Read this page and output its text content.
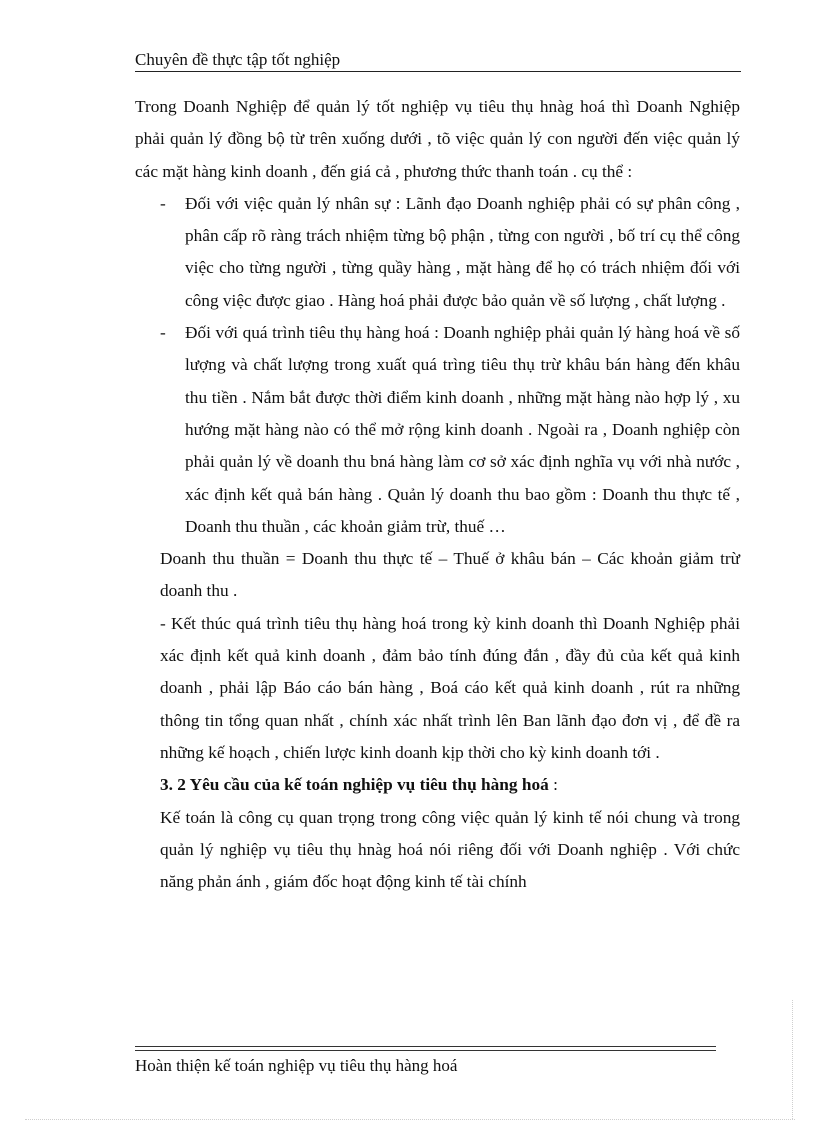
Chuyên đề thực tập tốt nghiệp

Trong Doanh Nghiệp để quản lý tốt nghiệp vụ tiêu thụ hnàg hoá thì Doanh Nghiệp phải quản lý đồng bộ từ trên xuống dưới , tõ việc quản lý con người đến việc quản lý các mặt hàng kinh doanh , đến giá cả , phương thức thanh toán . cụ thể :

- Đối với việc quản lý nhân sự : Lãnh đạo Doanh nghiệp phải có sự phân công , phân cấp rõ ràng trách nhiệm từng bộ phận , từng con người , bố trí cụ thể công việc cho từng người , từng quầy hàng , mặt hàng để họ có trách nhiệm đối với công việc được giao . Hàng hoá phải được bảo quản về số lượng , chất lượng .
- Đối với quá trình tiêu thụ hàng hoá : Doanh nghiệp phải quản lý hàng hoá về số lượng và chất lượng trong xuất quá trìng tiêu thụ trừ khâu bán hàng đến khâu thu tiền . Nắm bắt được thời điểm kinh doanh , những mặt hàng nào hợp lý , xu hướng mặt hàng nào có thể mở rộng kinh doanh . Ngoài ra , Doanh nghiệp còn phải quản lý về doanh thu bná hàng làm cơ sở xác định nghĩa vụ với nhà nước , xác định kết quả bán hàng . Quản lý doanh thu bao gồm : Doanh thu thực tế , Doanh thu thuần , các khoản giảm trừ, thuế …

Doanh thu thuần = Doanh thu thực tế – Thuế ở khâu bán – Các khoản giảm trừ doanh thu .

- Kết thúc quá trình tiêu thụ hàng hoá trong kỳ kinh doanh thì Doanh Nghiệp phải xác định kết quả kinh doanh , đảm bảo tính đúng đắn , đầy đủ của kết quả kinh doanh , phải lập Báo cáo bán hàng , Boá cáo kết quả kinh doanh , rút ra những thông tin tổng quan nhất , chính xác nhất trình lên Ban lãnh đạo đơn vị , để đề ra những kế hoạch , chiến lược kinh doanh kịp thời cho kỳ kinh doanh tới .

3. 2 Yêu cầu của kế toán nghiệp vụ tiêu thụ hàng hoá :

Kế toán là công cụ quan trọng trong công việc quản lý kinh tế nói chung và trong quản lý nghiệp vụ tiêu thụ hnàg hoá nói riêng đối với Doanh nghiệp . Với chức năng phản ánh , giám đốc hoạt động kinh tế tài chính

Hoàn thiện kế toán nghiệp vụ tiêu thụ hàng hoá
